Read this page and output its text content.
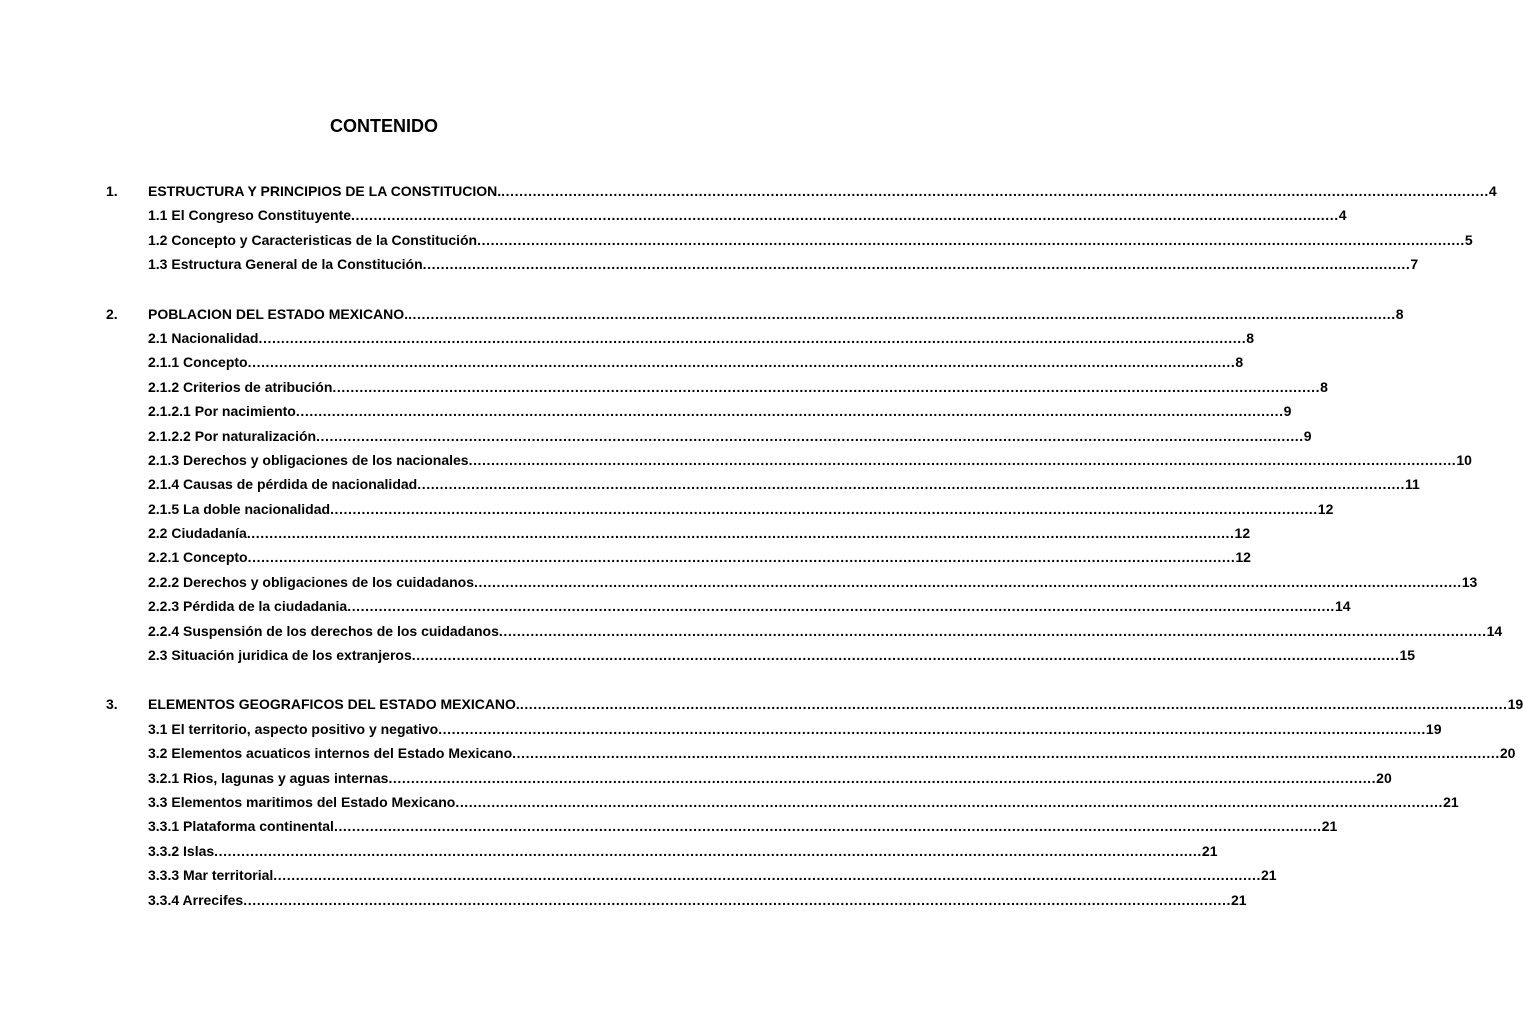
CONTENIDO
1.	ESTRUCTURA Y PRINCIPIOS DE LA CONSTITUCION. ............................................................................................................................................................................................................................ 4
1.1 El Congreso Constituyente ............................................................................................................................................................................................................................ 4
1.2 Concepto y Caracteristicas de la Constitución ............................................................................................................................................................................................................................ 5
1.3 Estructura General de la Constitución ............................................................................................................................................................................................................................ 7
2.	POBLACION DEL ESTADO MEXICANO. ............................................................................................................................................................................................................................ 8
2.1 Nacionalidad ............................................................................................................................................................................................................................ 8
2.1.1 Concepto ............................................................................................................................................................................................................................ 8
2.1.2 Criterios de atribución ............................................................................................................................................................................................................................ 8
2.1.2.1 Por nacimiento ............................................................................................................................................................................................................................ 9
2.1.2.2 Por naturalización ............................................................................................................................................................................................................................ 9
2.1.3 Derechos y obligaciones de los nacionales ............................................................................................................................................................................................................................ 10
2.1.4 Causas de pérdida de nacionalidad ............................................................................................................................................................................................................................ 11
2.1.5 La doble nacionalidad ............................................................................................................................................................................................................................ 12
2.2 Ciudadanía ............................................................................................................................................................................................................................ 12
2.2.1 Concepto ............................................................................................................................................................................................................................ 12
2.2.2 Derechos y obligaciones de los cuidadanos ............................................................................................................................................................................................................................ 13
2.2.3 Pérdida de la ciudadania ............................................................................................................................................................................................................................ 14
2.2.4 Suspensión de los derechos de los cuidadanos ............................................................................................................................................................................................................................ 14
2.3 Situación juridica de los extranjeros ............................................................................................................................................................................................................................ 15
3.	ELEMENTOS GEOGRAFICOS DEL ESTADO MEXICANO. ............................................................................................................................................................................................................................ 19
3.1 El territorio, aspecto positivo y negativo ............................................................................................................................................................................................................................ 19
3.2 Elementos acuaticos internos del Estado Mexicano ............................................................................................................................................................................................................................ 20
3.2.1 Rios, lagunas y aguas internas ............................................................................................................................................................................................................................ 20
3.3 Elementos maritimos del Estado Mexicano ............................................................................................................................................................................................................................ 21
3.3.1 Plataforma continental ............................................................................................................................................................................................................................ 21
3.3.2 Islas ............................................................................................................................................................................................................................ 21
3.3.3 Mar territorial ............................................................................................................................................................................................................................ 21
3.3.4 Arrecifes ............................................................................................................................................................................................................................ 21
